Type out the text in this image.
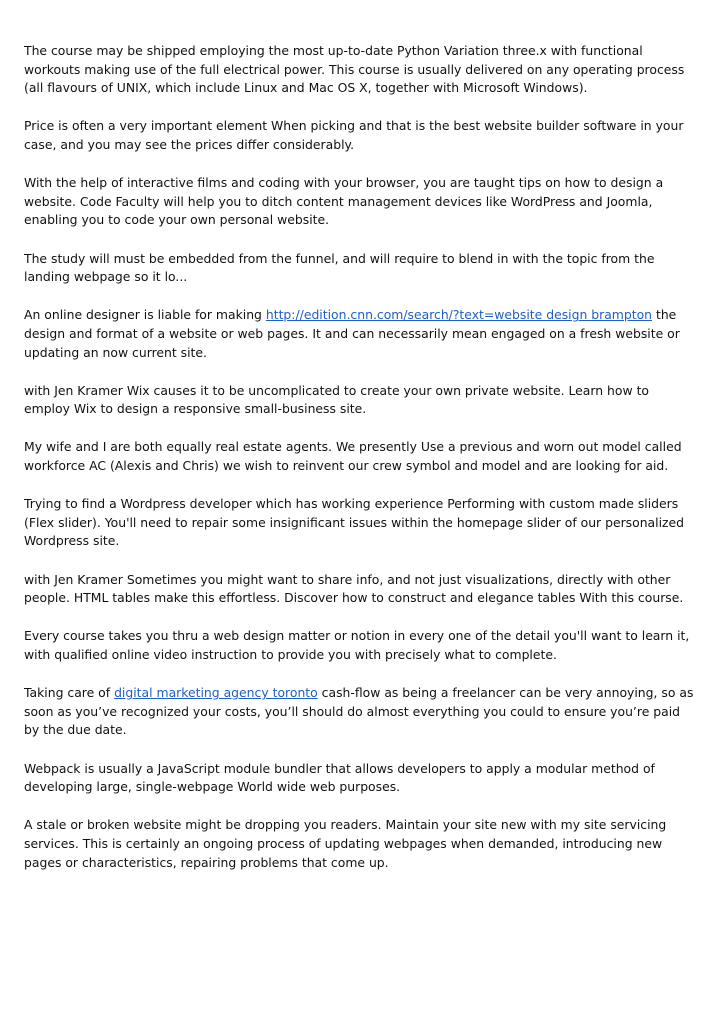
The course may be shipped employing the most up-to-date Python Variation three.x with functional workouts making use of the full electrical power. This course is usually delivered on any operating process (all flavours of UNIX, which include Linux and Mac OS X, together with Microsoft Windows).

Price is often a very important element When picking and that is the best website builder software in your case, and you may see the prices differ considerably.

With the help of interactive films and coding with your browser, you are taught tips on how to design a website. Code Faculty will help you to ditch content management devices like WordPress and Joomla, enabling you to code your own personal website.

The study will must be embedded from the funnel, and will require to blend in with the topic from the landing webpage so it lo...

An online designer is liable for making http://edition.cnn.com/search/?text=website design brampton the design and format of a website or web pages. It and can necessarily mean engaged on a fresh website or updating an now current site.

with Jen Kramer Wix causes it to be uncomplicated to create your own private website. Learn how to employ Wix to design a responsive small-business site.

My wife and I are both equally real estate agents. We presently Use a previous and worn out model called workforce AC (Alexis and Chris) we wish to reinvent our crew symbol and model and are looking for aid.

Trying to find a Wordpress developer which has working experience Performing with custom made sliders (Flex slider). You'll need to repair some insignificant issues within the homepage slider of our personalized Wordpress site.

with Jen Kramer Sometimes you might want to share info, and not just visualizations, directly with other people. HTML tables make this effortless. Discover how to construct and elegance tables With this course.

Every course takes you thru a web design matter or notion in every one of the detail you'll want to learn it, with qualified online video instruction to provide you with precisely what to complete.

Taking care of digital marketing agency toronto cash-flow as being a freelancer can be very annoying, so as soon as you’ve recognized your costs, you’ll should do almost everything you could to ensure you’re paid by the due date.

Webpack is usually a JavaScript module bundler that allows developers to apply a modular method of developing large, single-webpage World wide web purposes.

A stale or broken website might be dropping you readers. Maintain your site new with my site servicing services. This is certainly an ongoing process of updating webpages when demanded, introducing new pages or characteristics, repairing problems that come up.
